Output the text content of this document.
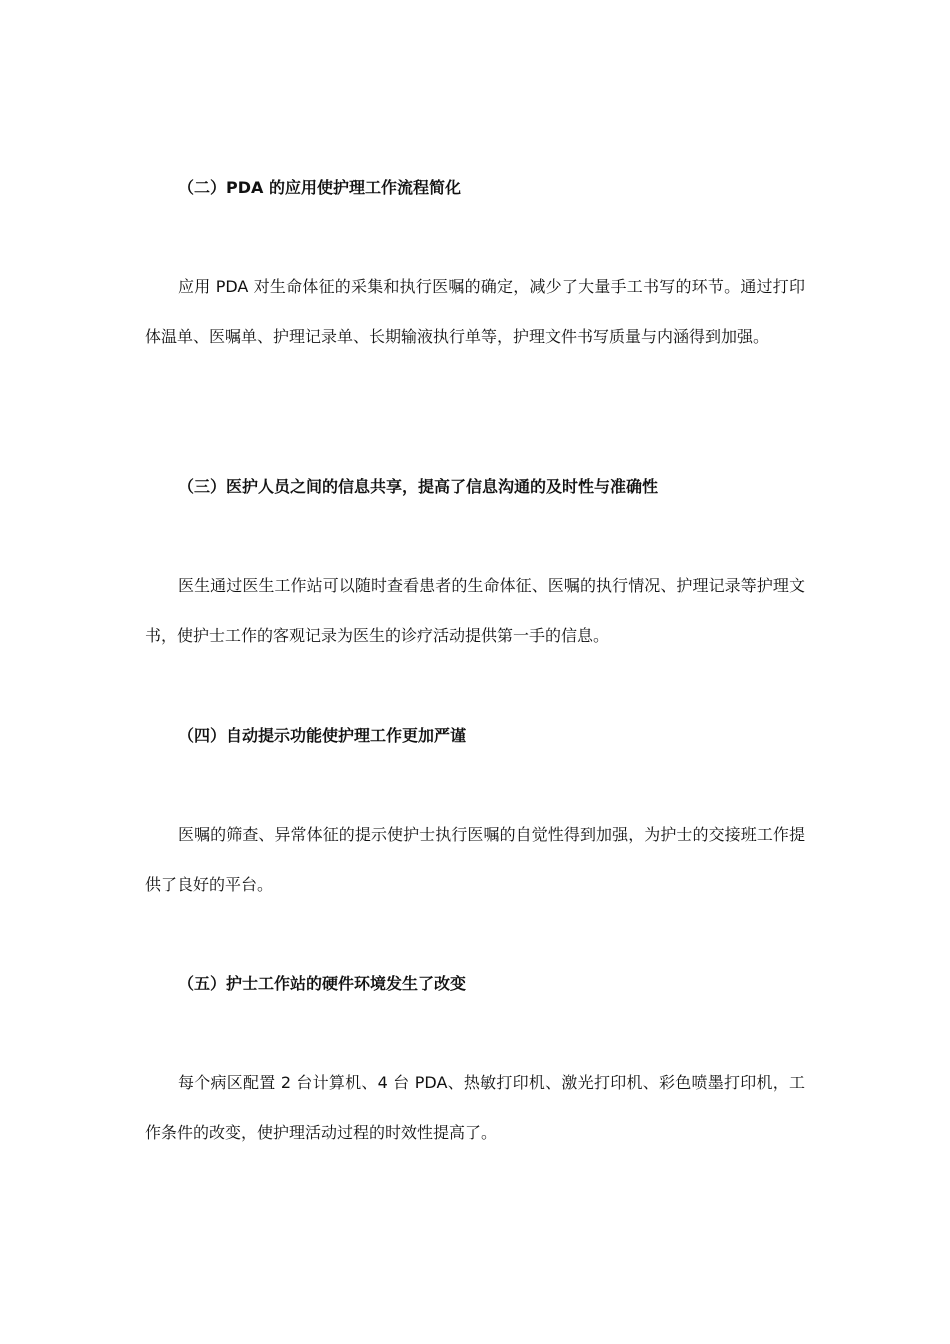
（二）PDA 的应用使护理工作流程简化

应用 PDA 对生命体征的采集和执行医嘱的确定，减少了大量手工书写的环节。通过打印体温单、医嘱单、护理记录单、长期输液执行单等，护理文件书写质量与内涵得到加强。

（三）医护人员之间的信息共享，提高了信息沟通的及时性与准确性

医生通过医生工作站可以随时查看患者的生命体征、医嘱的执行情况、护理记录等护理文书，使护士工作的客观记录为医生的诊疗活动提供第一手的信息。

（四）自动提示功能使护理工作更加严谨

医嘱的筛查、异常体征的提示使护士执行医嘱的自觉性得到加强，为护士的交接班工作提供了良好的平台。

（五）护士工作站的硬件环境发生了改变

每个病区配置 2 台计算机、4 台 PDA、热敏打印机、激光打印机、彩色喷墨打印机，工作条件的改变，使护理活动过程的时效性提高了。
